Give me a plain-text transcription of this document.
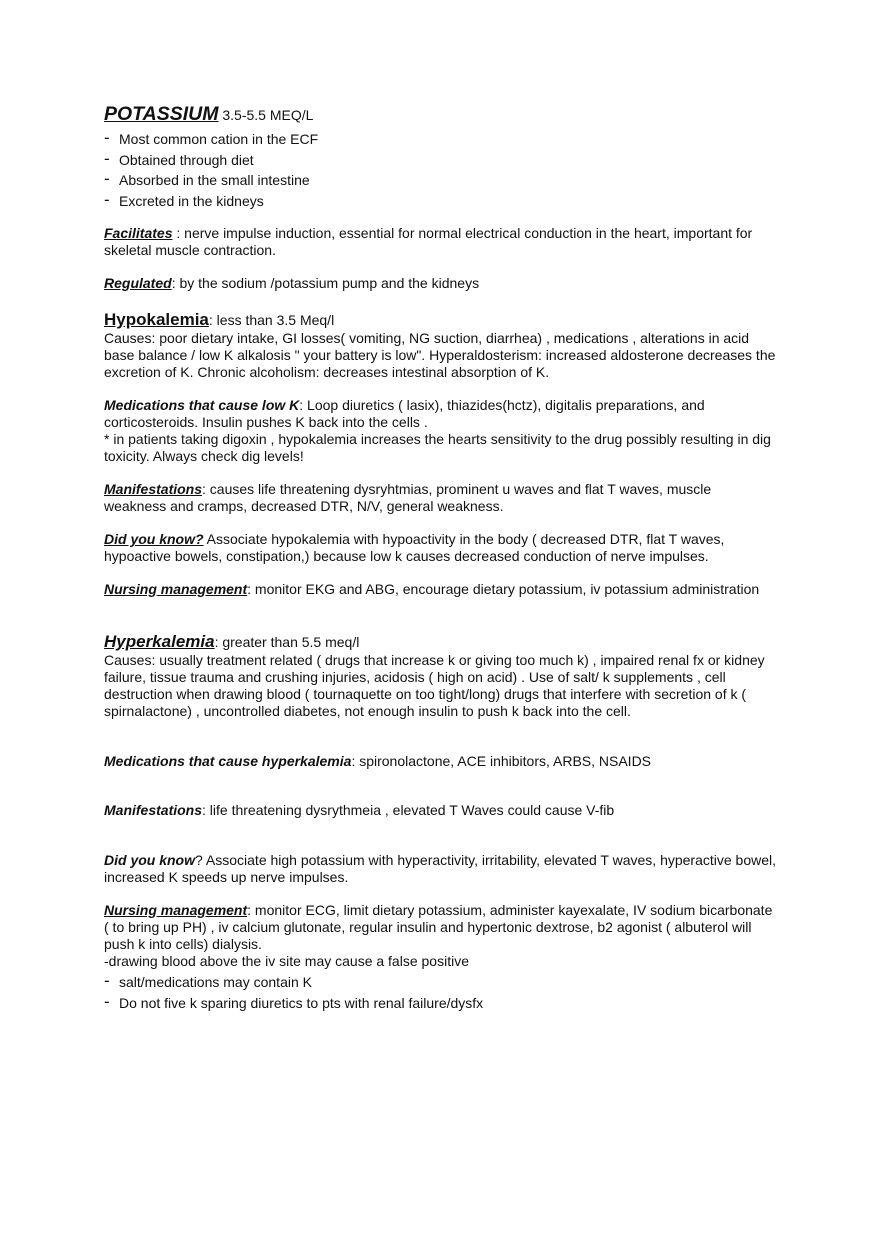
POTASSIUM 3.5-5.5 MEQ/L
- Most common cation in the ECF
- Obtained through diet
- Absorbed in the small intestine
- Excreted in the kidneys

Facilitates : nerve impulse induction, essential for normal electrical conduction in the heart, important for skeletal muscle contraction.

Regulated: by the sodium /potassium pump and the kidneys

Hypokalemia: less than 3.5 Meq/l

Causes: poor dietary intake, GI losses( vomiting, NG suction, diarrhea) , medications , alterations in acid base balance / low K alkalosis " your battery is low". Hyperaldosterism: increased aldosterone decreases the excretion of K. Chronic alcoholism: decreases intestinal absorption of K.

Medications that cause low K: Loop diuretics ( lasix), thiazides(hctz), digitalis preparations, and corticosteroids. Insulin pushes K back into the cells .

* in patients taking digoxin , hypokalemia increases the hearts sensitivity to the drug possibly resulting in dig toxicity. Always check dig levels!

Manifestations: causes life threatening dysryhtmias, prominent u waves and flat T waves, muscle weakness and cramps, decreased DTR, N/V, general weakness.

Did you know? Associate hypokalemia with hypoactivity in the body ( decreased DTR, flat T waves, hypoactive bowels, constipation,) because low k causes decreased conduction of nerve impulses.

Nursing management: monitor EKG and ABG, encourage dietary potassium, iv potassium administration

Hyperkalemia: greater than 5.5 meq/l

Causes: usually treatment related ( drugs that increase k or giving too much k) , impaired renal fx or kidney failure, tissue trauma and crushing injuries, acidosis ( high on acid) . Use of salt/ k supplements , cell destruction when drawing blood ( tournaquette on too tight/long) drugs that interfere with secretion of k ( spirnalactone) , uncontrolled diabetes, not enough insulin to push k back into the cell.

Medications that cause hyperkalemia: spironolactone, ACE inhibitors, ARBS, NSAIDS

Manifestations: life threatening dysrythmeia , elevated T Waves could cause V-fib

Did you know? Associate high potassium with hyperactivity, irritability, elevated T waves, hyperactive bowel, increased K speeds up nerve impulses.

Nursing management: monitor ECG, limit dietary potassium, administer kayexalate, IV sodium bicarbonate ( to bring up PH) , iv calcium glutonate, regular insulin and hypertonic dextrose, b2 agonist ( albuterol will push k into cells) dialysis.

-drawing blood above the iv site may cause a false positive

- salt/medications may contain K
- Do not five k sparing diuretics to pts with renal failure/dysfx
